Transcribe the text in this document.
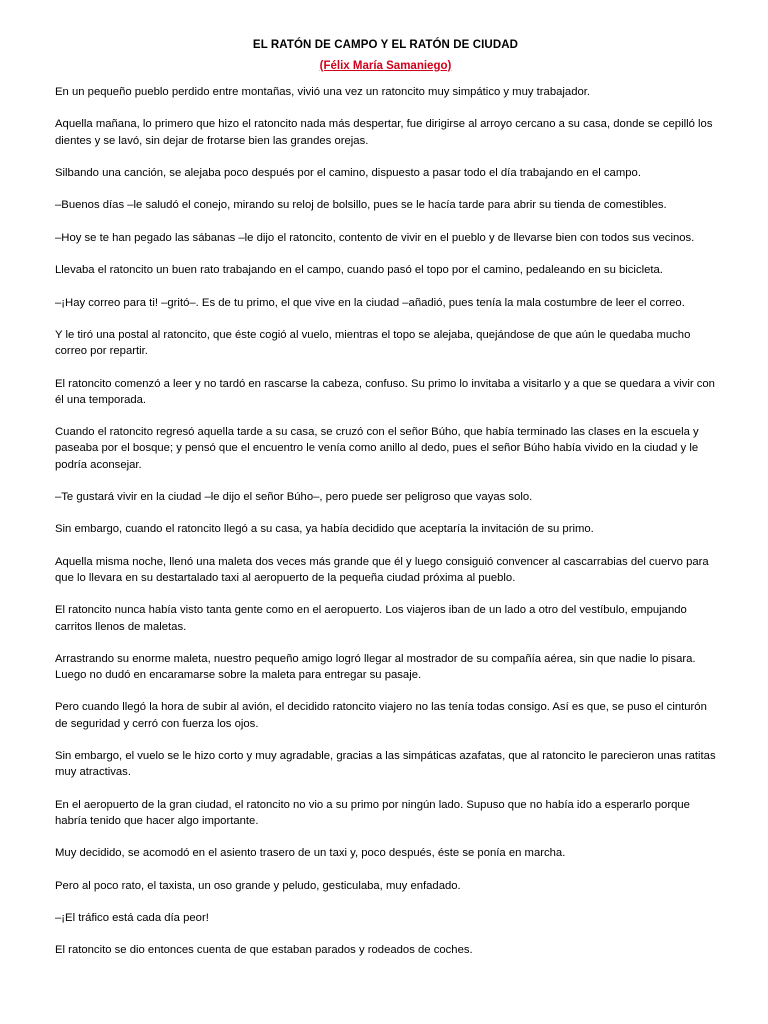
EL RATÓN DE CAMPO Y EL RATÓN DE CIUDAD

(Félix María Samaniego)

En un pequeño pueblo perdido entre montañas, vivió una vez un ratoncito muy simpático y muy trabajador.

Aquella mañana, lo primero que hizo el ratoncito nada más despertar, fue dirigirse al arroyo cercano a su casa, donde se cepilló los dientes y se lavó, sin dejar de frotarse bien las grandes orejas.

Silbando una canción, se alejaba poco después por el camino, dispuesto a pasar todo el día trabajando en el campo.

–Buenos días –le saludó el conejo, mirando su reloj de bolsillo, pues se le hacía tarde para abrir su tienda de comestibles.

–Hoy se te han pegado las sábanas –le dijo el ratoncito, contento de vivir en el pueblo y de llevarse bien con todos sus vecinos.

Llevaba el ratoncito un buen rato trabajando en el campo, cuando pasó el topo por el camino, pedaleando en su bicicleta.

–¡Hay correo para ti! –gritó–. Es de tu primo, el que vive en la ciudad –añadió, pues tenía la mala costumbre de leer el correo.

Y le tiró una postal al ratoncito, que éste cogió al vuelo, mientras el topo se alejaba, quejándose de que aún le quedaba mucho correo por repartir.

El ratoncito comenzó a leer y no tardó en rascarse la cabeza, confuso. Su primo lo invitaba a visitarlo y a que se quedara a vivir con él una temporada.

Cuando el ratoncito regresó aquella tarde a su casa, se cruzó con el señor Búho, que había terminado las clases en la escuela y paseaba por el bosque; y pensó que el encuentro le venía como anillo al dedo, pues el señor Búho había vivido en la ciudad y le podría aconsejar.

–Te gustará vivir en la ciudad –le dijo el señor Búho–, pero puede ser peligroso que vayas solo.

Sin embargo, cuando el ratoncito llegó a su casa, ya había decidido que aceptaría la invitación de su primo.

Aquella misma noche, llenó una maleta dos veces más grande que él y luego consiguió convencer al cascarrabias del cuervo para que lo llevara en su destartalado taxi al aeropuerto de la pequeña ciudad próxima al pueblo.

El ratoncito nunca había visto tanta gente como en el aeropuerto. Los viajeros iban de un lado a otro del vestíbulo, empujando carritos llenos de maletas.

Arrastrando su enorme maleta, nuestro pequeño amigo logró llegar al mostrador de su compañía aérea, sin que nadie lo pisara. Luego no dudó en encaramarse sobre la maleta para entregar su pasaje.

Pero cuando llegó la hora de subir al avión, el decidido ratoncito viajero no las tenía todas consigo. Así es que, se puso el cinturón de seguridad y cerró con fuerza los ojos.

Sin embargo, el vuelo se le hizo corto y muy agradable, gracias a las simpáticas azafatas, que al ratoncito le parecieron unas ratitas muy atractivas.

En el aeropuerto de la gran ciudad, el ratoncito no vio a su primo por ningún lado. Supuso que no había ido a esperarlo porque habría tenido que hacer algo importante.

Muy decidido, se acomodó en el asiento trasero de un taxi y, poco después, éste se ponía en marcha.

Pero al poco rato, el taxista, un oso grande y peludo, gesticulaba, muy enfadado.

–¡El tráfico está cada día peor!

El ratoncito se dio entonces cuenta de que estaban parados y rodeados de coches.
